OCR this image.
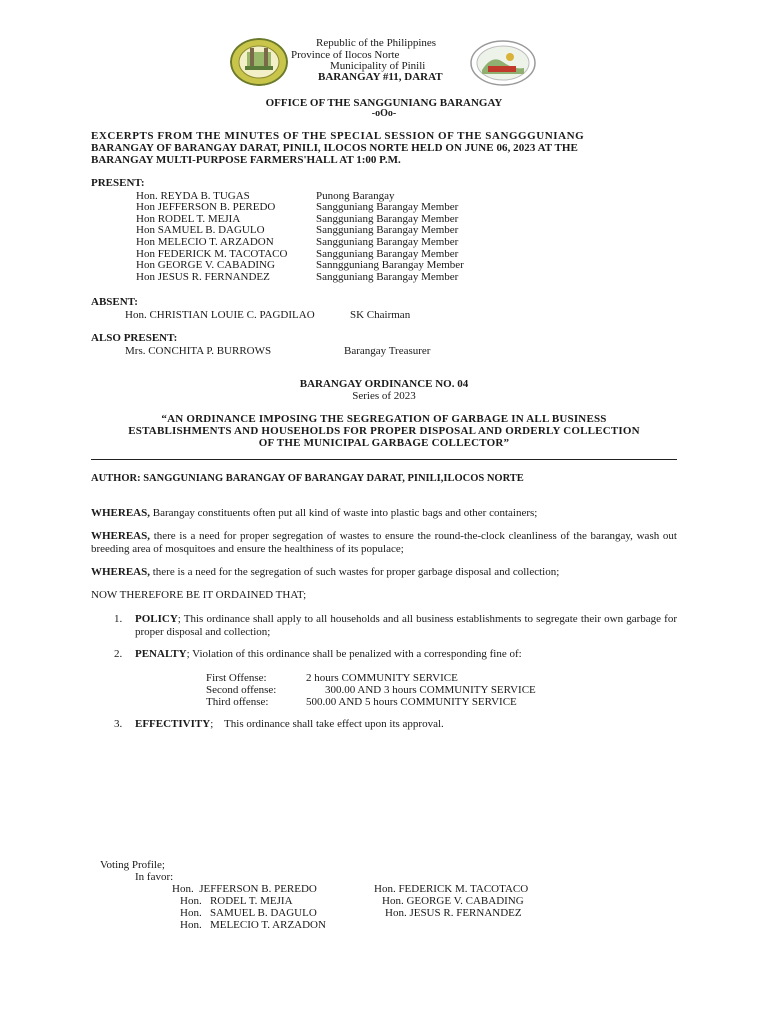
Republic of the Philippines
Province of Ilocos Norte
Municipality of Pinili
BARANGAY #11, DARAT
OFFICE OF THE SANGGUNIANG BARANGAY
-oOo-
EXCERPTS FROM THE MINUTES OF THE SPECIAL SESSION OF THE SANGGGUNIANG
BARANGAY OF BARANGAY DARAT, PINILI, ILOCOS NORTE HELD ON JUNE 06, 2023 AT THE
BARANGAY MULTI-PURPOSE FARMERS'HALL AT 1:00 P.M.
PRESENT:
Hon. REYDA B. TUGAS	Punong Barangay
Hon JEFFERSON B. PEREDO	Sangguniang Barangay Member
Hon RODEL T. MEJIA	Sangguniang Barangay Member
Hon SAMUEL B. DAGULO	Sangguniang Barangay Member
Hon MELECIO T. ARZADON	Sangguniang Barangay Member
Hon FEDERICK M. TACOTACO	Sangguniang Barangay Member
Hon GEORGE V. CABADING	Sanngguniang Barangay Member
Hon JESUS R. FERNANDEZ	Sangguniang Barangay Member
ABSENT:
Hon. CHRISTIAN LOUIE C. PAGDILAO	SK Chairman
ALSO PRESENT:
Mrs. CONCHITA P. BURROWS	Barangay Treasurer
BARANGAY ORDINANCE NO. 04
Series of 2023
“AN ORDINANCE IMPOSING THE SEGREGATION OF GARBAGE IN ALL BUSINESS
ESTABLISHMENTS AND HOUSEHOLDS FOR PROPER DISPOSAL AND ORDERLY COLLECTION
OF THE MUNICIPAL GARBAGE COLLECTOR”
AUTHOR: SANGGUNIANG BARANGAY OF BARANGAY DARAT, PINILI,ILOCOS NORTE
WHEREAS, Barangay constituents often put all kind of waste into plastic bags and other containers;
WHEREAS, there is a need for proper segregation of wastes to ensure the round-the-clock cleanliness of the barangay, wash out breeding area of mosquitoes and ensure the healthiness of its populace;
WHEREAS, there is a need for the segregation of such wastes for proper garbage disposal and collection;
NOW THEREFORE BE IT ORDAINED THAT;
1. POLICY; This ordinance shall apply to all households and all business establishments to segregate their own garbage for proper disposal and collection;
2. PENALTY; Violation of this ordinance shall be penalized with a corresponding fine of:
First Offense:	2 hours COMMUNITY SERVICE
Second offense:	300.00 AND 3 hours COMMUNITY SERVICE
Third offense:	500.00 AND 5 hours COMMUNITY SERVICE
3. EFFECTIVITY;    This ordinance shall take effect upon its approval.
Voting Profile;
In favor:
Hon.  JEFFERSON B. PEREDO
Hon.   RODEL T. MEJIA
Hon.   SAMUEL B. DAGULO
Hon.   MELECIO T. ARZADON
Hon. FEDERICK M. TACOTACO
Hon. GEORGE V. CABADING
Hon. JESUS R. FERNANDEZ
